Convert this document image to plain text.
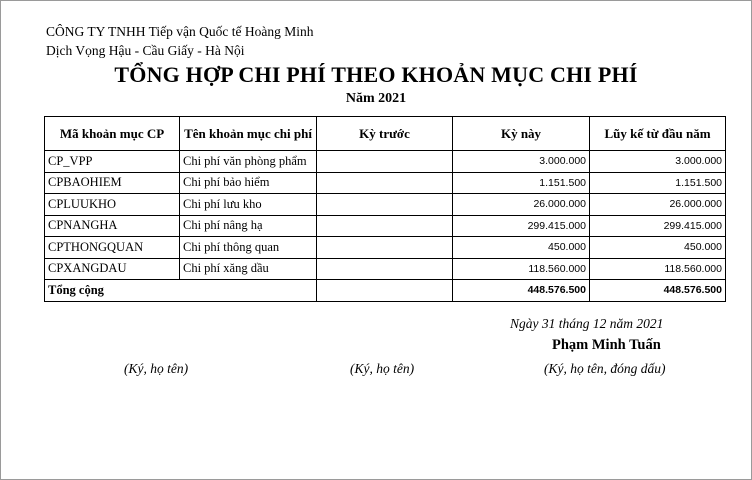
CÔNG TY TNHH Tiếp vận Quốc tế Hoàng Minh
Dịch Vọng Hậu - Cầu Giấy - Hà Nội
TỔNG HỢP CHI PHÍ THEO KHOẢN MỤC CHI PHÍ
Năm 2021
Mã khoản mục CP	Tên khoản mục chi phí	Kỳ trước	Kỳ này	Lũy kế từ đầu năm
CP_VPP	Chi phí văn phòng phẩm		3.000.000	3.000.000
CPBAOHIEM	Chi phí bảo hiểm		1.151.500	1.151.500
CPLUUKHO	Chi phí lưu kho		26.000.000	26.000.000
CPNANGHA	Chi phí nâng hạ		299.415.000	299.415.000
CPTHONGQUAN	Chi phí thông quan		450.000	450.000
CPXANGDAU	Chi phí xăng dầu		118.560.000	118.560.000
Tổng cộng			448.576.500	448.576.500
Ngày 31 tháng 12 năm 2021
Phạm Minh Tuấn
(Ký, họ tên)	(Ký, họ tên)	(Ký, họ tên, đóng dấu)
